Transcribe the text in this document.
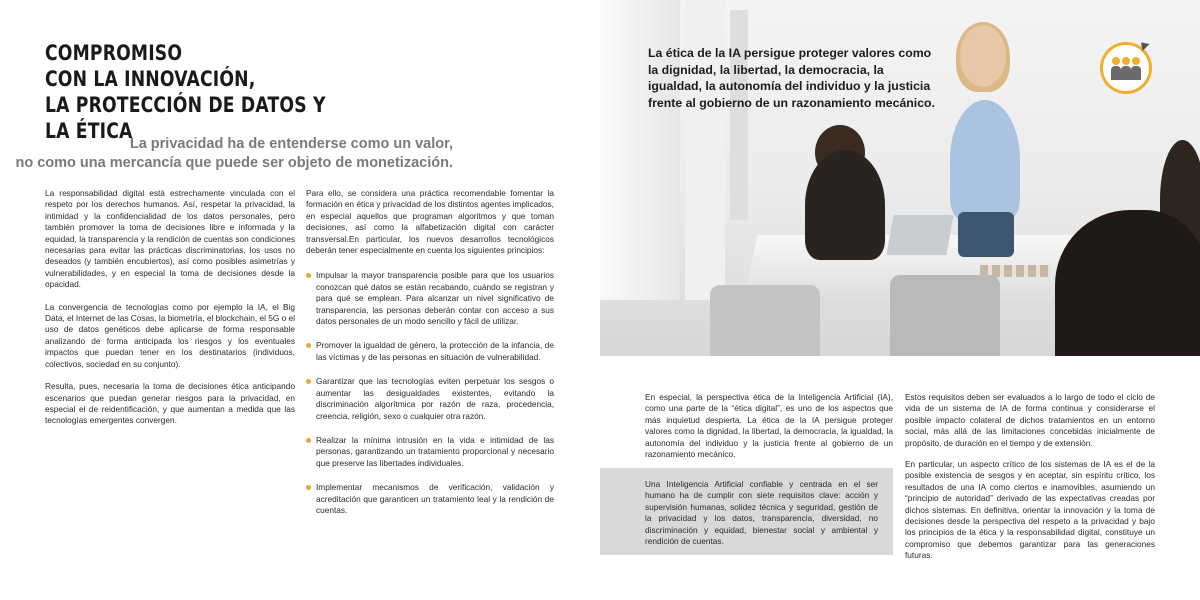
COMPROMISO
CON LA INNOVACIÓN,
LA PROTECCIÓN DE DATOS Y LA ÉTICA
La privacidad ha de entenderse como un valor,
no como una mercancía que puede ser objeto de monetización.

La responsabilidad digital está estrechamente vinculada con el respeto por los derechos humanos. Así, respetar la privacidad, la intimidad y la confidencialidad de los datos personales, pero también promover la toma de decisiones libre e informada y la equidad, la transparencia y la rendición de cuentas son condiciones necesarias para evitar las prácticas discriminatorias, los usos no deseados (y también encubiertos), así como posibles asimetrías y vulnerabilidades, y en especial la toma de decisiones desde la opacidad.

La convergencia de tecnologías como por ejemplo la IA, el Big Data, el Internet de las Cosas, la biometría, el blockchain, el 5G o el uso de datos genéticos debe aplicarse de forma responsable analizando de forma anticipada los riesgos y los eventuales impactos que puedan tener en los destinatarios (individuos, colectivos, sociedad en su conjunto).

Resulta, pues, necesaria la toma de decisiones ética anticipando escenarios que puedan generar riesgos para la privacidad, en especial el de reidentificación, y que aumentan a medida que las tecnologías emergentes convergen.

Para ello, se considera una práctica recomendable fomentar la formación en ética y privacidad de los distintos agentes implicados, en especial aquellos que programan algoritmos y que toman decisiones, así como la alfabetización digital con carácter transversal.En particular, los nuevos desarrollos tecnológicos deberán tener especialmente en cuenta los siguientes principios:

Impulsar la mayor transparencia posible para que los usuarios conozcan qué datos se están recabando, cuándo se registran y para qué se emplean. Para alcanzar un nivel significativo de transparencia, las personas deberán contar con acceso a sus datos personales de un modo sencillo y fácil de utilizar.
Promover la igualdad de género, la protección de la infancia, de las víctimas y de las personas en situación de vulnerabilidad.
Garantizar que las tecnologías eviten perpetuar los sesgos o aumentar las desigualdades existentes, evitando la discriminación algorítmica por razón de raza, procedencia, creencia, religión, sexo o cualquier otra razón.
Realizar la mínima intrusión en la vida e intimidad de las personas, garantizando un tratamiento proporcional y necesario que preserve las libertades individuales.
Implementar mecanismos de verificación, validación y acreditación que garanticen un tratamiento leal y la rendición de cuentas.

La ética de la IA persigue proteger valores como la dignidad, la libertad, la democracia, la igualdad, la autonomía del individuo y la justicia frente al gobierno de un razonamiento mecánico.

En especial, la perspectiva ética de la Inteligencia Artificial (IA), como una parte de la “ética digital”, es uno de los aspectos que más inquietud despierta. La ética de la IA persigue proteger valores como la dignidad, la libertad, la democracia, la igualdad, la autonomía del individuo y la justicia frente al gobierno de un razonamiento mecánico.

Una Inteligencia Artificial confiable y centrada en el ser humano ha de cumplir con siete requisitos clave: acción y supervisión humanas, solidez técnica y seguridad, gestión de la privacidad y los datos, transparencia, diversidad, no discriminación y equidad, bienestar social y ambiental y rendición de cuentas.

Estos requisitos deben ser evaluados a lo largo de todo el ciclo de vida de un sistema de IA de forma continua y considerarse el posible impacto colateral de dichos tratamientos en un entorno social, más allá de las limitaciones concebidas inicialmente de propósito, de duración en el tiempo y de extensión.

En particular, un aspecto crítico de los sistemas de IA es el de la posible existencia de sesgos y en aceptar, sin espíritu crítico, los resultados de una IA como ciertos e inamovibles, asumiendo un “principio de autoridad” derivado de las expectativas creadas por dichos sistemas. En definitiva, orientar la innovación y la toma de decisiones desde la perspectiva del respeto a la privacidad y bajo los principios de la ética y la responsabilidad digital, constituye un compromiso que debemos garantizar para las generaciones futuras.
